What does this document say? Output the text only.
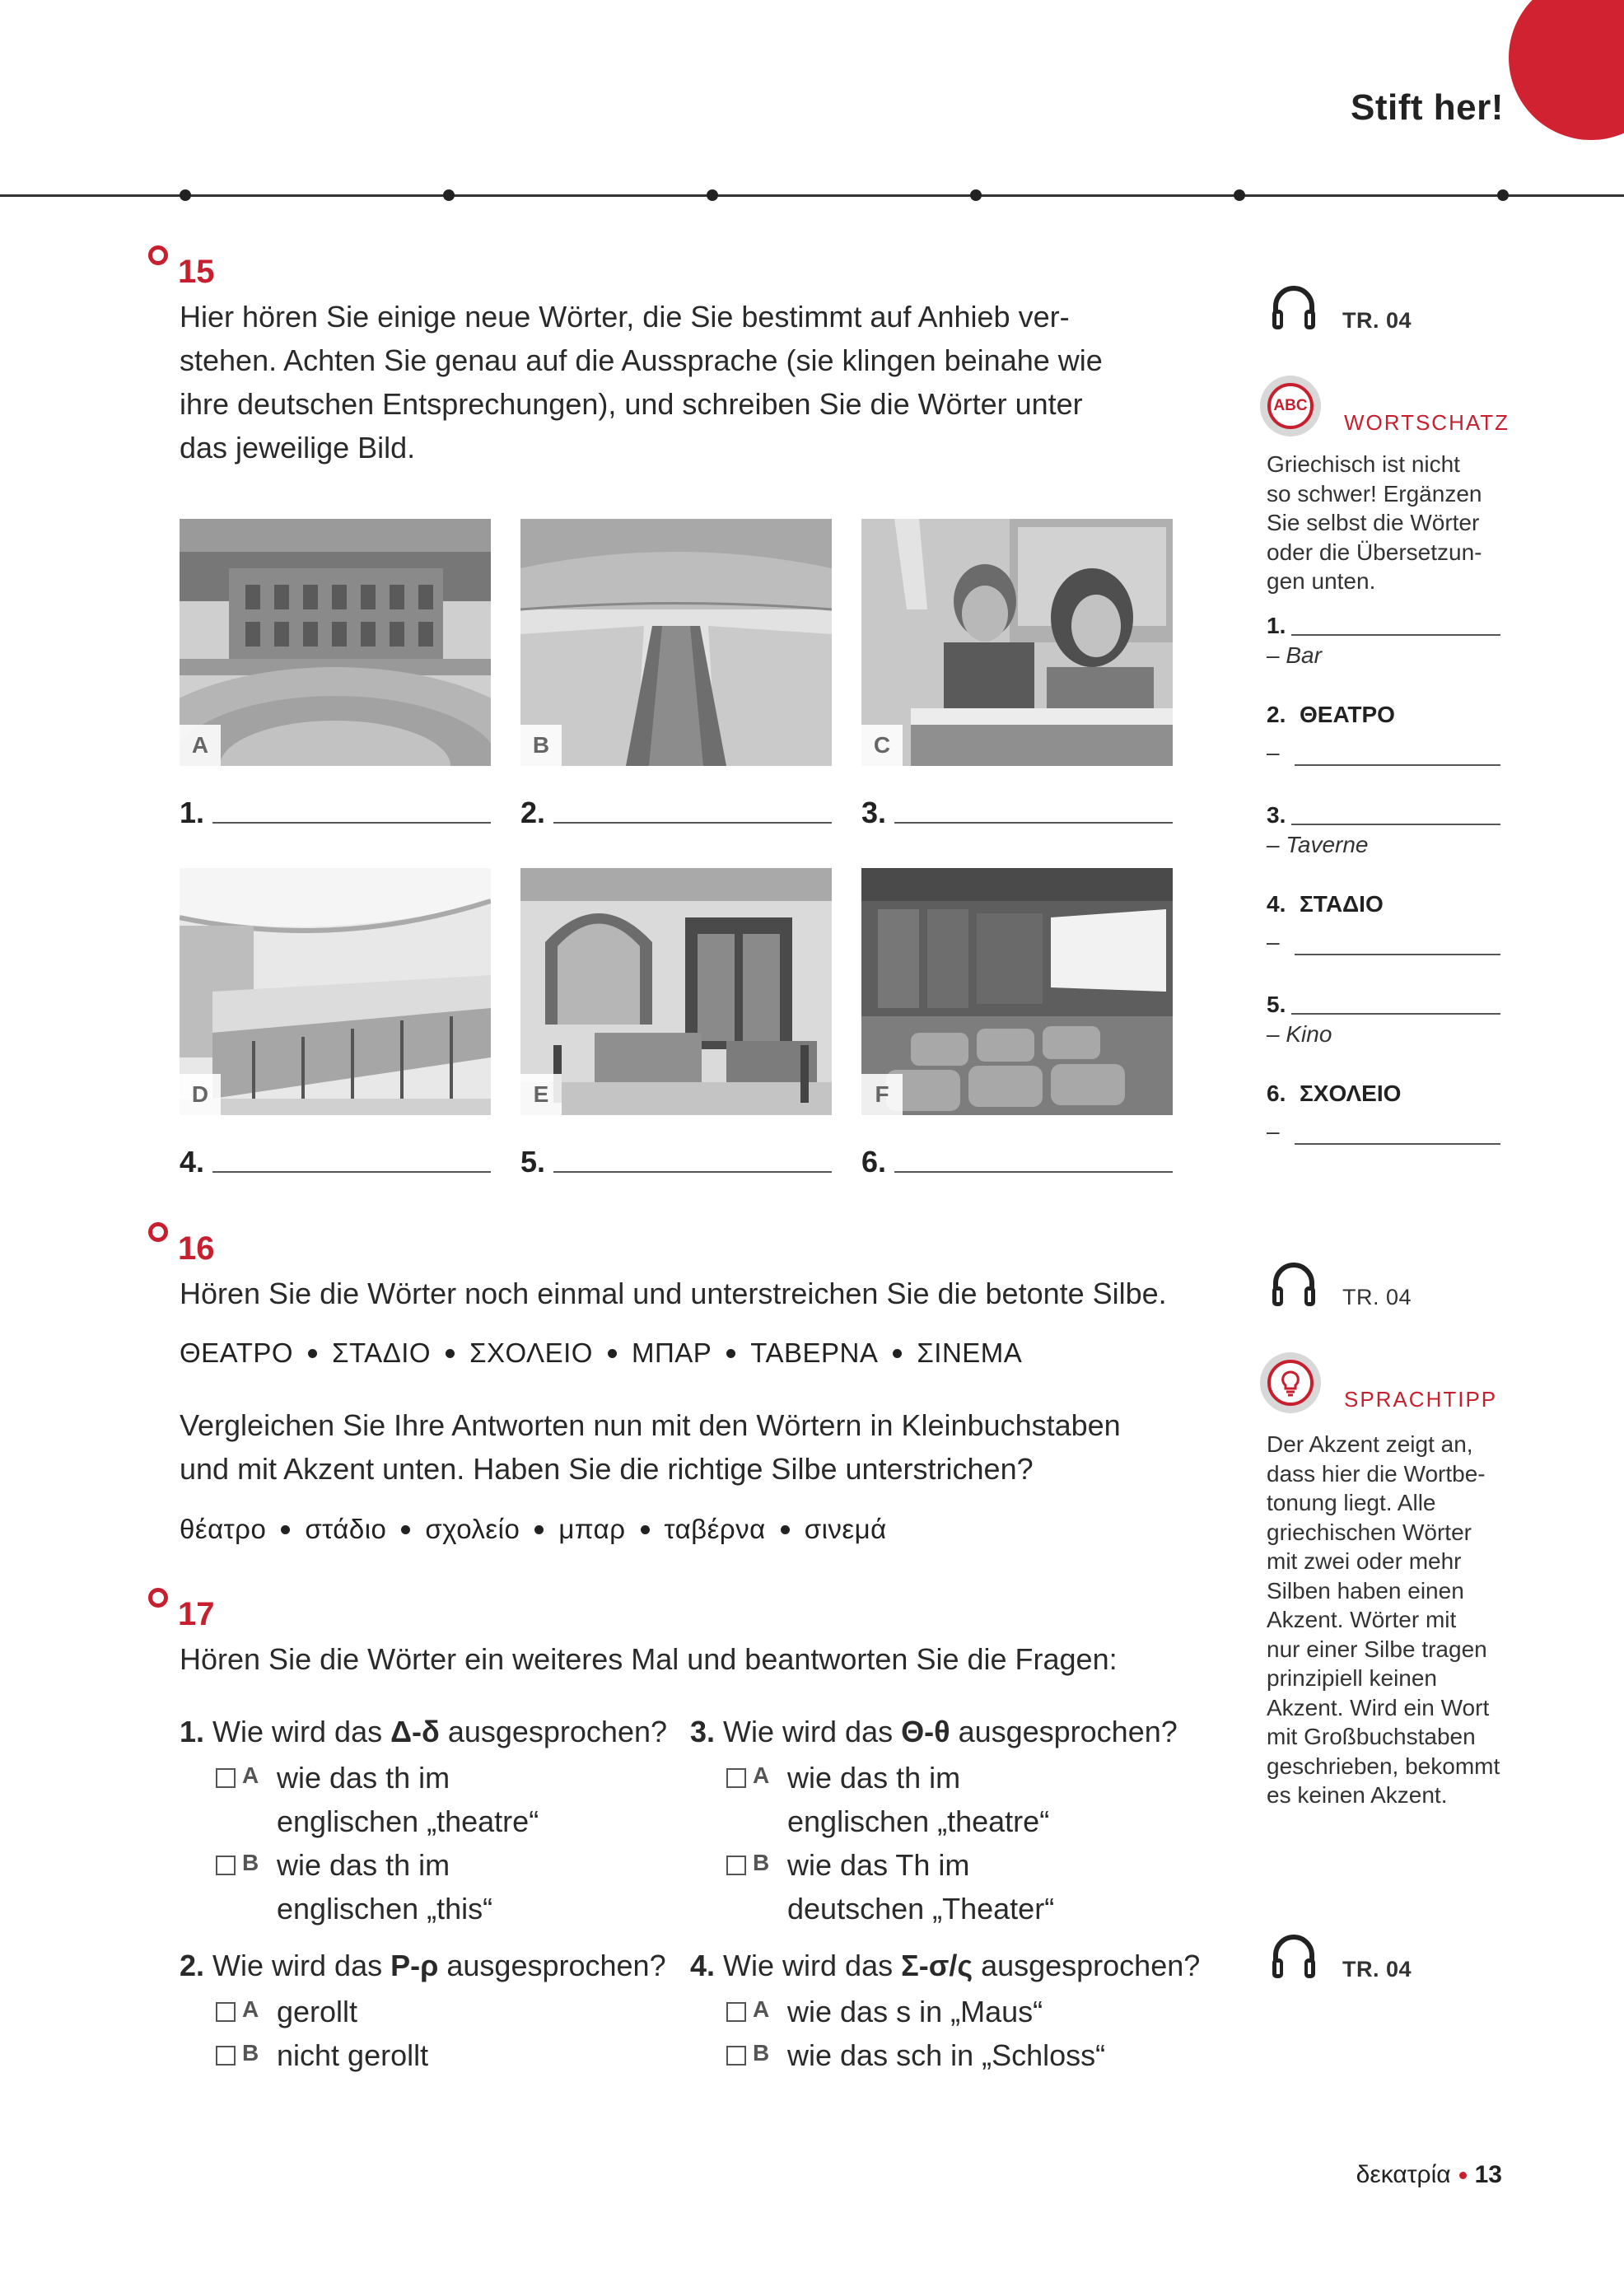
Stift her!
15
Hier hören Sie einige neue Wörter, die Sie bestimmt auf Anhieb ver-
stehen. Achten Sie genau auf die Aussprache (sie klingen beinahe wie
ihre deutschen Entsprechungen), und schreiben Sie die Wörter unter
das jeweilige Bild.
A	B	C
1.	2.	3.
D	E	F
4.	5.	6.
TR. 04
ABC
WORTSCHATZ
Griechisch ist nicht
so schwer! Ergänzen
Sie selbst die Wörter
oder die Übersetzun-
gen unten.
1.
– Bar
2. ΘΕΑΤΡΟ
–
3.
– Taverne
4. ΣΤΑΔΙΟ
–
5.
– Kino
6. ΣΧΟΛΕΙΟ
–
16
Hören Sie die Wörter noch einmal und unterstreichen Sie die betonte Silbe.
ΘΕΑΤΡΟ ΣΤΑΔΙΟ ΣΧΟΛΕΙΟ ΜΠΑΡ ΤΑΒΕΡΝΑ ΣΙΝΕΜΑ
Vergleichen Sie Ihre Antworten nun mit den Wörtern in Kleinbuchstaben
und mit Akzent unten. Haben Sie die richtige Silbe unterstrichen?
θέατρο στάδιο σχολείο μπαρ ταβέρνα σινεμά
TR. 04
SPRACHTIPP
Der Akzent zeigt an,
dass hier die Wortbe-
tonung liegt. Alle
griechischen Wörter
mit zwei oder mehr
Silben haben einen
Akzent. Wörter mit
nur einer Silbe tragen
prinzipiell keinen
Akzent. Wird ein Wort
mit Großbuchstaben
geschrieben, bekommt
es keinen Akzent.
17
Hören Sie die Wörter ein weiteres Mal und beantworten Sie die Fragen:
1. Wie wird das Δ-δ ausgesprochen?
A wie das th im
englischen „theatre“
B wie das th im
englischen „this“
3. Wie wird das Θ-θ ausgesprochen?
A wie das th im
englischen „theatre“
B wie das Th im
deutschen „Theater“
2. Wie wird das Ρ-ρ ausgesprochen?
A gerollt
B nicht gerollt
4. Wie wird das Σ-σ/ς ausgesprochen?
A wie das s in „Maus“
B wie das sch in „Schloss“
TR. 04
δεκατρία 13
